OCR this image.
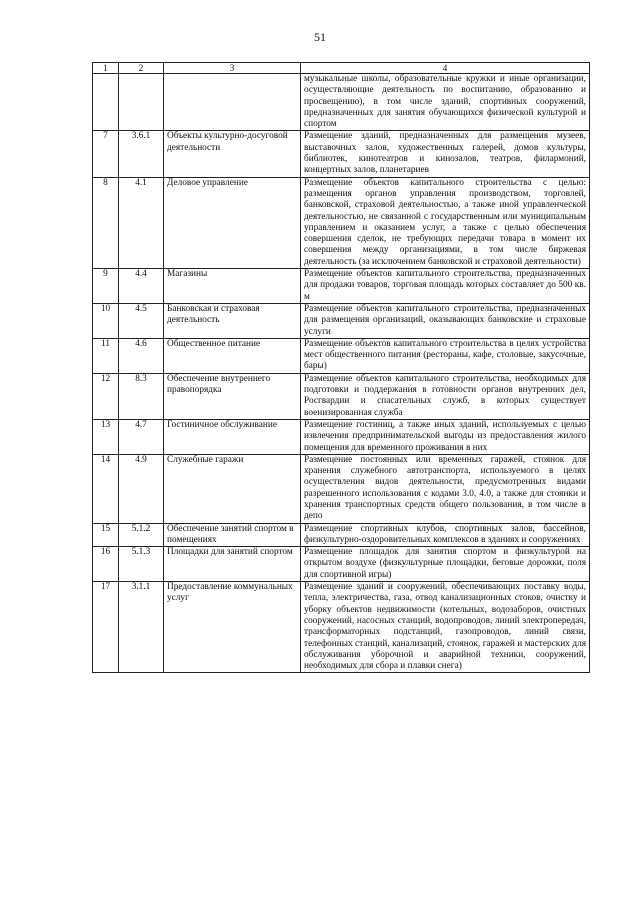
51
1	2	3	4
			музыкальные школы, образовательные кружки и иные организации, осуществляющие деятельность по воспитанию, образованию и просвещению), в том числе зданий, спортивных сооружений, предназначенных для занятия обучающихся физической культурой и спортом
7	3.6.1	Объекты культурно-досуговой деятельности	Размещение зданий, предназначенных для размещения музеев, выставочных залов, художественных галерей, домов культуры, библиотек, кинотеатров и кинозалов, театров, филармоний, концертных залов, планетариев
8	4.1	Деловое управление	Размещение объектов капитального строительства с целью: размещения органов управления производством, торговлей, банковской, страховой деятельностью, а также иной управленческой деятельностью, не связанной с государственным или муниципальным управлением и оказанием услуг, а также с целью обеспечения совершения сделок, не требующих передачи товара в момент их совершения между организациями, в том числе биржевая деятельность (за исключением банковской и страховой деятельности)
9	4.4	Магазины	Размещение объектов капитального строительства, предназначенных для продажи товаров, торговая площадь которых составляет до 500 кв. м
10	4.5	Банковская и страховая деятельность	Размещение объектов капитального строительства, предназначенных для размещения организаций, оказывающих банковские и страховые услуги
11	4.6	Общественное питание	Размещение объектов капитального строительства в целях устройства мест общественного питания (рестораны, кафе, столовые, закусочные, бары)
12	8.3	Обеспечение внутреннего правопорядка	Размещение объектов капитального строительства, необходимых для подготовки и поддержания в готовности органов внутренних дел, Росгвардии и спасательных служб, в которых существует военизированная служба
13	4.7	Гостиничное обслуживание	Размещение гостиниц, а также иных зданий, используемых с целью извлечения предпринимательской выгоды из предоставления жилого помещения для временного проживания в них
14	4.9	Служебные гаражи	Размещение постоянных или временных гаражей, стоянок для хранения служебного автотранспорта, используемого в целях осуществления видов деятельности, предусмотренных видами разрешенного использования с кодами 3.0, 4.0, а также для стоянки и хранения транспортных средств общего пользования, в том числе в депо
15	5.1.2	Обеспечение занятий спортом в помещениях	Размещение спортивных клубов, спортивных залов, бассейнов, физкультурно-оздоровительных комплексов в зданиях и сооружениях
16	5.1.3	Площадки для занятий спортом	Размещение площадок для занятия спортом и физкультурой на открытом воздухе (физкультурные площадки, беговые дорожки, поля для спортивной игры)
17	3.1.1	Предоставление коммунальных услуг	Размещение зданий и сооружений, обеспечивающих поставку воды, тепла, электричества, газа, отвод канализационных стоков, очистку и уборку объектов недвижимости (котельных, водозаборов, очистных сооружений, насосных станций, водопроводов, линий электропередач, трансформаторных подстанций, газопроводов, линий связи, телефонных станций, канализаций, стоянок, гаражей и мастерских для обслуживания уборочной и аварийной техники, сооружений, необходимых для сбора и плавки снега)
